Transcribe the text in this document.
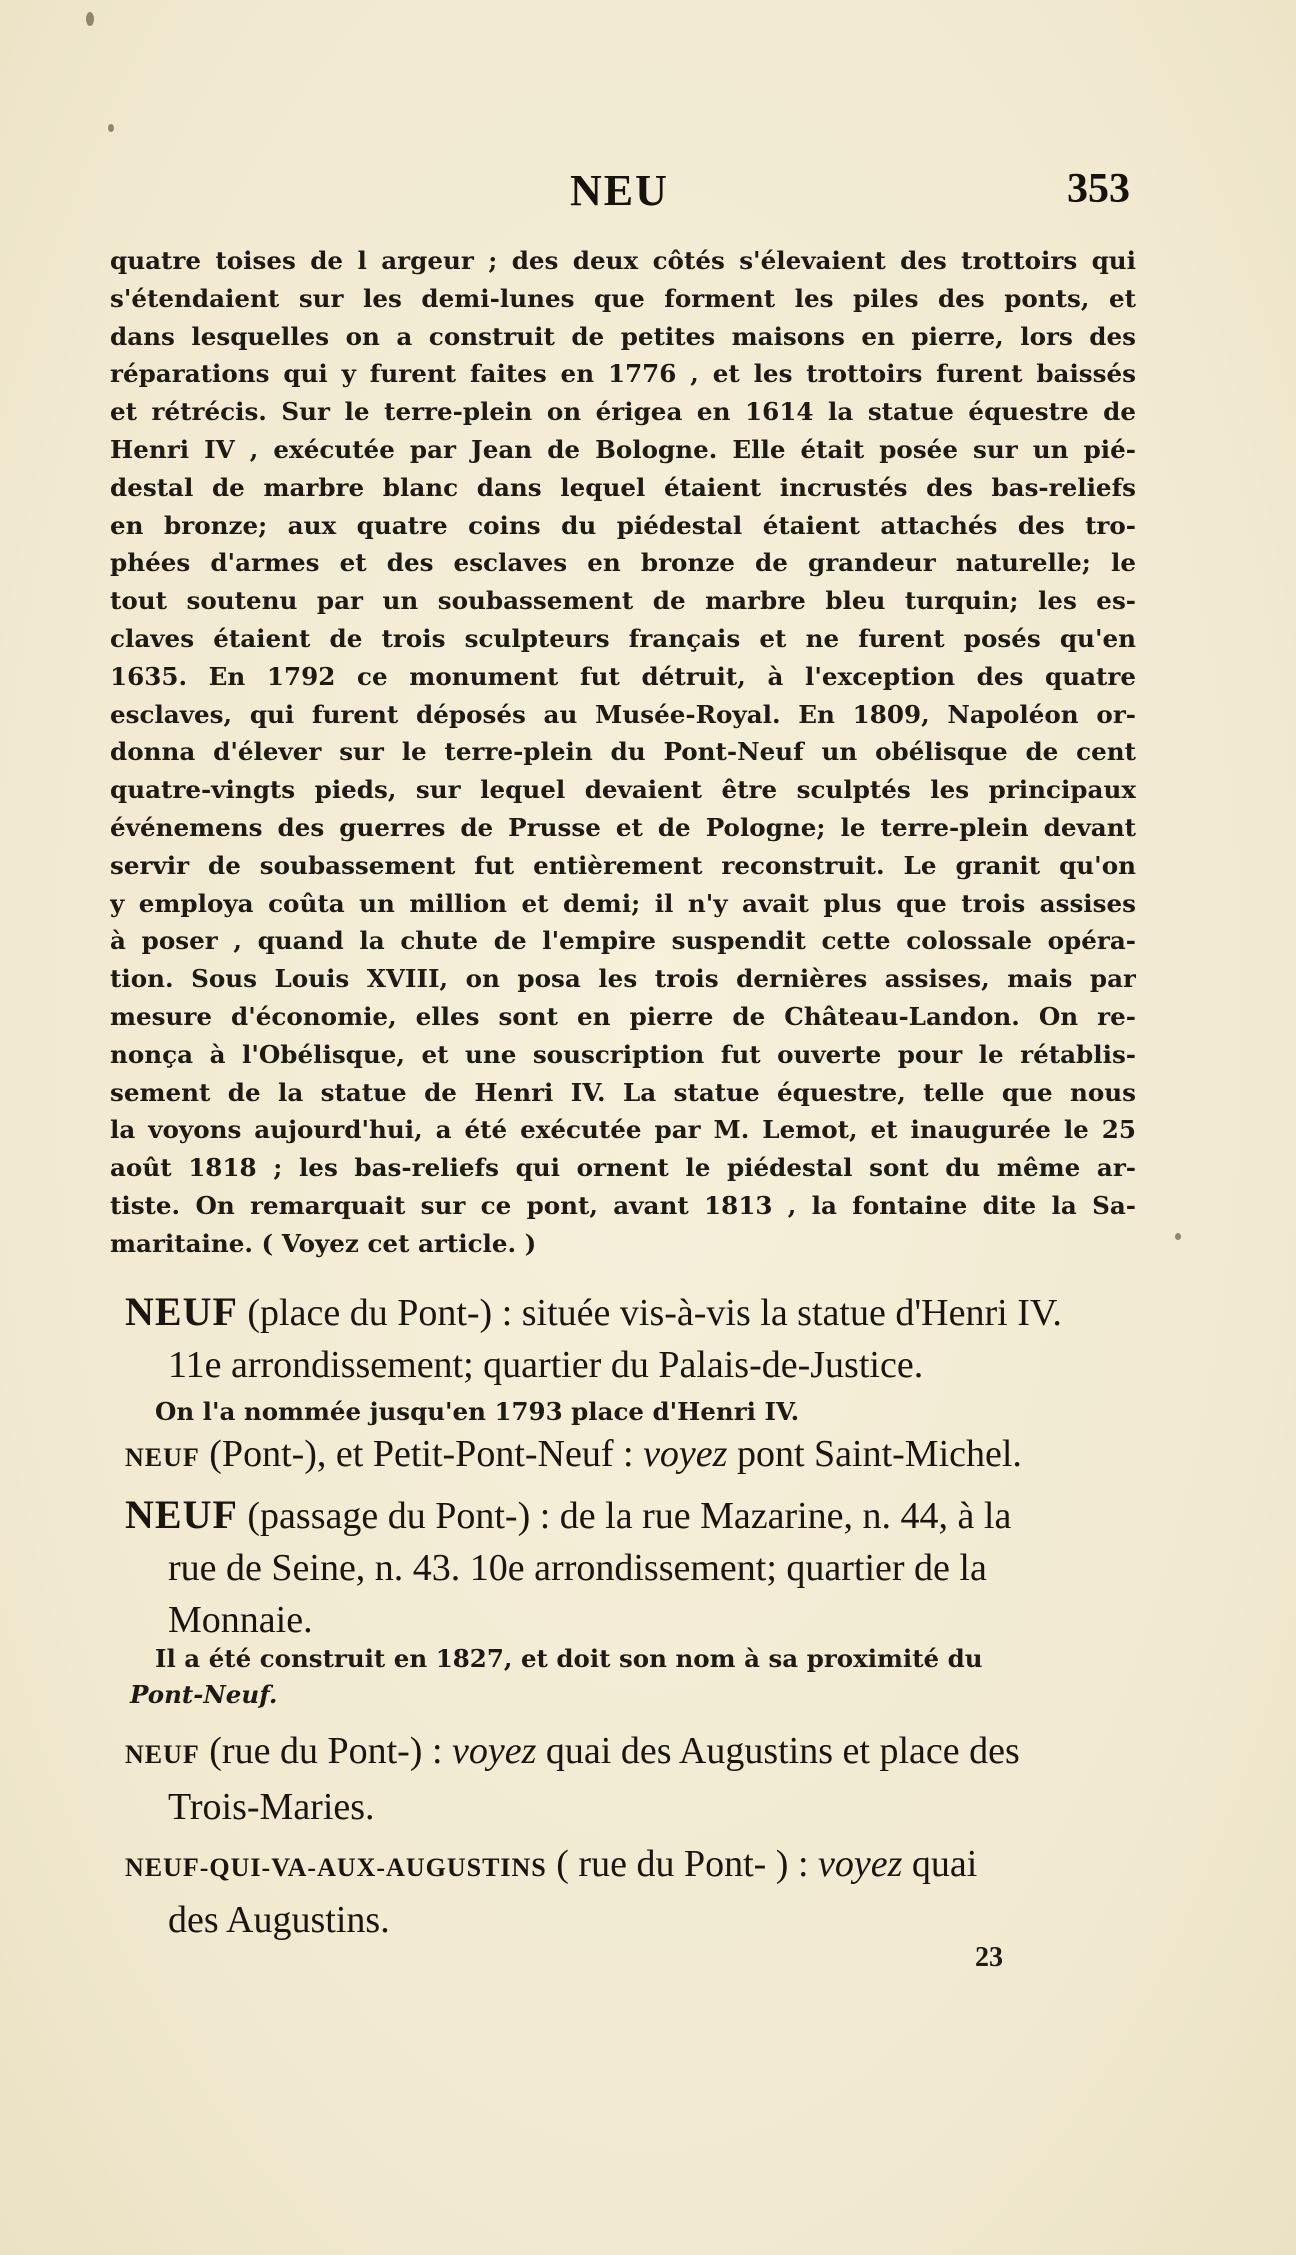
NEU	353
quatre toises de l argeur ; des deux côtés s'élevaient des trottoirs qui
s'étendaient sur les demi-lunes que forment les piles des ponts, et
dans lesquelles on a construit de petites maisons en pierre, lors des
réparations qui y furent faites en 1776 , et les trottoirs furent baissés
et rétrécis. Sur le terre-plein on érigea en 1614 la statue équestre de
Henri IV , exécutée par Jean de Bologne. Elle était posée sur un pié-
destal de marbre blanc dans lequel étaient incrustés des bas-reliefs
en bronze; aux quatre coins du piédestal étaient attachés des tro-
phées d'armes et des esclaves en bronze de grandeur naturelle; le
tout soutenu par un soubassement de marbre bleu turquin; les es-
claves étaient de trois sculpteurs français et ne furent posés qu'en
1635. En 1792 ce monument fut détruit, à l'exception des quatre
esclaves, qui furent déposés au Musée-Royal. En 1809, Napoléon or-
donna d'élever sur le terre-plein du Pont-Neuf un obélisque de cent
quatre-vingts pieds, sur lequel devaient être sculptés les principaux
événemens des guerres de Prusse et de Pologne; le terre-plein devant
servir de soubassement fut entièrement reconstruit. Le granit qu'on
y employa coûta un million et demi; il n'y avait plus que trois assises
à poser , quand la chute de l'empire suspendit cette colossale opéra-
tion. Sous Louis XVIII, on posa les trois dernières assises, mais par
mesure d'économie, elles sont en pierre de Château-Landon. On re-
nonça à l'Obélisque, et une souscription fut ouverte pour le rétablis-
sement de la statue de Henri IV. La statue équestre, telle que nous
la voyons aujourd'hui, a été exécutée par M. Lemot, et inaugurée le 25
août 1818 ; les bas-reliefs qui ornent le piédestal sont du même ar-
tiste. On remarquait sur ce pont, avant 1813 , la fontaine dite la Sa-
maritaine. ( Voyez cet article. )
NEUF (place du Pont-) : située vis-à-vis la statue d'Henri IV.
11e arrondissement; quartier du Palais-de-Justice.
On l'a nommée jusqu'en 1793 place d'Henri IV.
NEUF (Pont-), et Petit-Pont-Neuf : voyez pont Saint-Michel.
NEUF (passage du Pont-) : de la rue Mazarine, n. 44, à la
rue de Seine, n. 43. 10e arrondissement; quartier de la
Monnaie.
Il a été construit en 1827, et doit son nom à sa proximité du
Pont-Neuf.
NEUF (rue du Pont-) : voyez quai des Augustins et place des
Trois-Maries.
NEUF-QUI-VA-AUX-AUGUSTINS ( rue du Pont- ) : voyez quai
des Augustins.
23
